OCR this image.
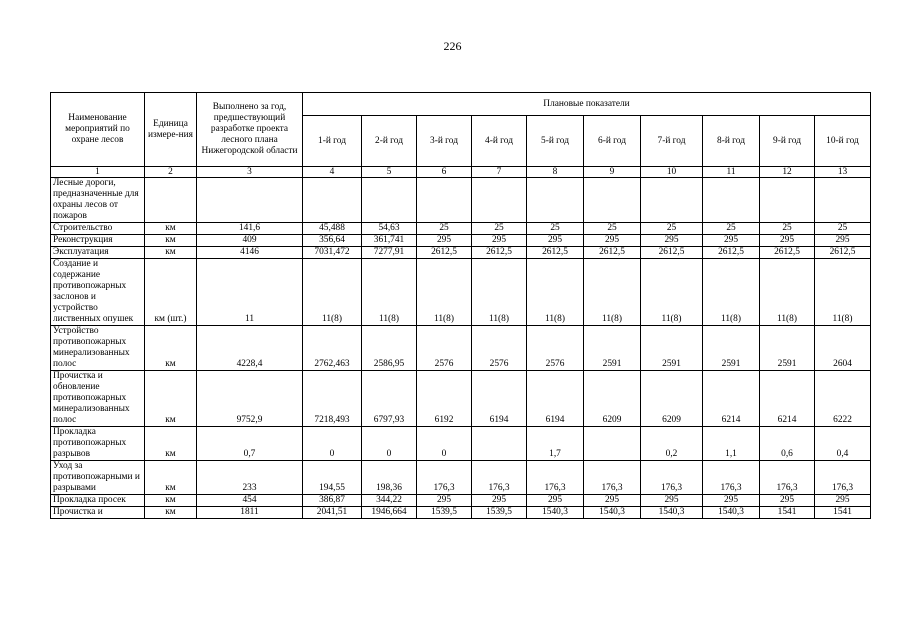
226
Наименование мероприятий по охране лесов	Единица измере-ния	Выполнено за год, предшествующий разработке проекта лесного плана Нижегородской области	Плановые показатели									
			1-й год	2-й год	3-й год	4-й год	5-й год	6-й год	7-й год	8-й год	9-й год	10-й год
1	2	3	4	5	6	7	8	9	10	11	12	13
Лесные дороги, предназначенные для охраны лесов от пожаров												
Строительство	км	141,6	45,488	54,63	25	25	25	25	25	25	25	25
Реконструкция	км	409	356,64	361,741	295	295	295	295	295	295	295	295
Эксплуатация	км	4146	7031,472	7277,91	2612,5	2612,5	2612,5	2612,5	2612,5	2612,5	2612,5	2612,5
Создание и содержание противопожарных заслонов и устройство лиственных опушек	км (шт.)	11	11(8)	11(8)	11(8)	11(8)	11(8)	11(8)	11(8)	11(8)	11(8)	11(8)
Устройство противопожарных минерализованных полос	км	4228,4	2762,463	2586,95	2576	2576	2576	2591	2591	2591	2591	2604
Прочистка и обновление противопожарных минерализованных полос	км	9752,9	7218,493	6797,93	6192	6194	6194	6209	6209	6214	6214	6222
Прокладка противопожарных разрывов	км	0,7	0	0	0		1,7		0,2	1,1	0,6	0,4
Уход за противопожарными и разрывами	км	233	194,55	198,36	176,3	176,3	176,3	176,3	176,3	176,3	176,3	176,3
Прокладка просек	км	454	386,87	344,22	295	295	295	295	295	295	295	295
Прочистка и	км	1811	2041,51	1946,664	1539,5	1539,5	1540,3	1540,3	1540,3	1540,3	1541	1541
